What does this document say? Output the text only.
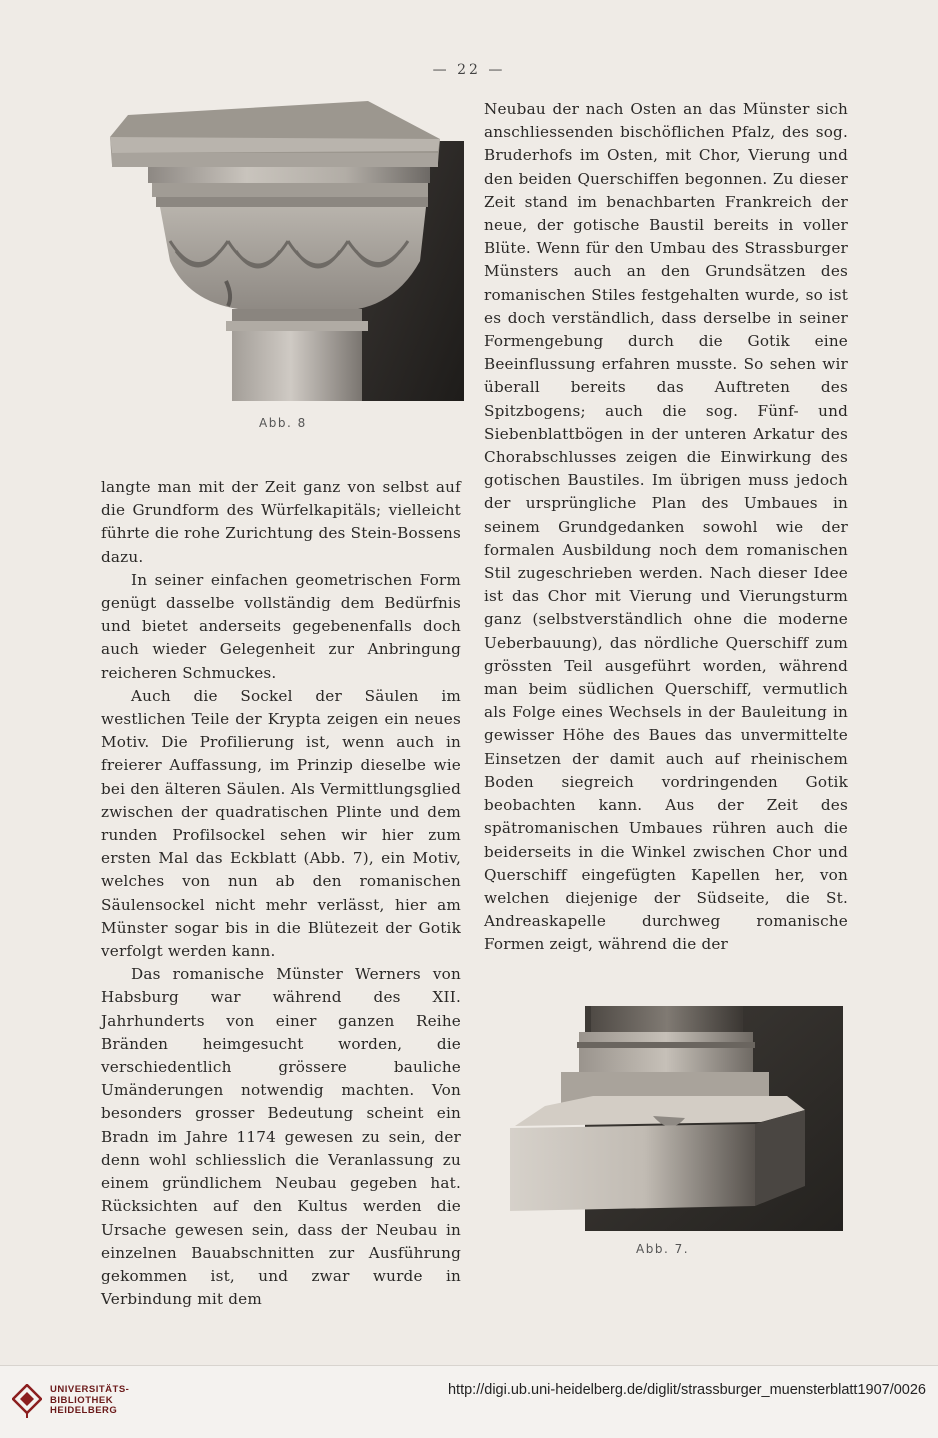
— 22 —
Abb. 8

langte man mit der Zeit ganz von selbst auf die Grundform des Würfelkapitäls; vielleicht führte die rohe Zurichtung des Stein-Bossens dazu.

In seiner einfachen geometrischen Form genügt dasselbe vollständig dem Bedürfnis und bietet anderseits gegebenenfalls doch auch wieder Gelegenheit zur Anbringung reicheren Schmuckes.

Auch die Sockel der Säulen im westlichen Teile der Krypta zeigen ein neues Motiv. Die Profilierung ist, wenn auch in freierer Auffassung, im Prinzip dieselbe wie bei den älteren Säulen. Als Vermittlungsglied zwischen der quadratischen Plinte und dem runden Profilsockel sehen wir hier zum ersten Mal das Eckblatt (Abb. 7), ein Motiv, welches von nun ab den romanischen Säulensockel nicht mehr verlässt, hier am Münster sogar bis in die Blütezeit der Gotik verfolgt werden kann.

Das romanische Münster Werners von Habsburg war während des XII. Jahrhunderts von einer ganzen Reihe Bränden heimgesucht worden, die verschiedentlich grössere bauliche Umänderungen notwendig machten. Von besonders grosser Bedeutung scheint ein Bradn im Jahre 1174 gewesen zu sein, der denn wohl schliesslich die Veranlassung zu einem gründlichem Neubau gegeben hat. Rücksichten auf den Kultus werden die Ursache gewesen sein, dass der Neubau in einzelnen Bauabschnitten zur Ausführung gekommen ist, und zwar wurde in Verbindung mit dem

Neubau der nach Osten an das Münster sich anschliessenden bischöflichen Pfalz, des sog. Bruderhofs im Osten, mit Chor, Vierung und den beiden Querschiffen begonnen. Zu dieser Zeit stand im benachbarten Frankreich der neue, der gotische Baustil bereits in voller Blüte. Wenn für den Umbau des Strassburger Münsters auch an den Grundsätzen des romanischen Stiles festgehalten wurde, so ist es doch verständlich, dass derselbe in seiner Formengebung durch die Gotik eine Beeinflussung erfahren musste. So sehen wir überall bereits das Auftreten des Spitzbogens; auch die sog. Fünf- und Siebenblattbögen in der unteren Arkatur des Chorabschlusses zeigen die Einwirkung des gotischen Baustiles. Im übrigen muss jedoch der ursprüngliche Plan des Umbaues in seinem Grundgedanken sowohl wie der formalen Ausbildung noch dem romanischen Stil zugeschrieben werden. Nach dieser Idee ist das Chor mit Vierung und Vierungsturm ganz (selbstverständlich ohne die moderne Ueberbauung), das nördliche Querschiff zum grössten Teil ausgeführt worden, während man beim südlichen Querschiff, vermutlich als Folge eines Wechsels in der Bauleitung in gewisser Höhe des Baues das unvermittelte Einsetzen der damit auch auf rheinischem Boden siegreich vordringenden Gotik beobachten kann. Aus der Zeit des spätromanischen Umbaues rühren auch die beiderseits in die Winkel zwischen Chor und Querschiff eingefügten Kapellen her, von welchen diejenige der Südseite, die St. Andreaskapelle durchweg romanische Formen zeigt, während die der

Abb. 7.
UNIVERSITÄTS-
BIBLIOTHEK
HEIDELBERG
http://digi.ub.uni-heidelberg.de/diglit/strassburger_muensterblatt1907/0026
